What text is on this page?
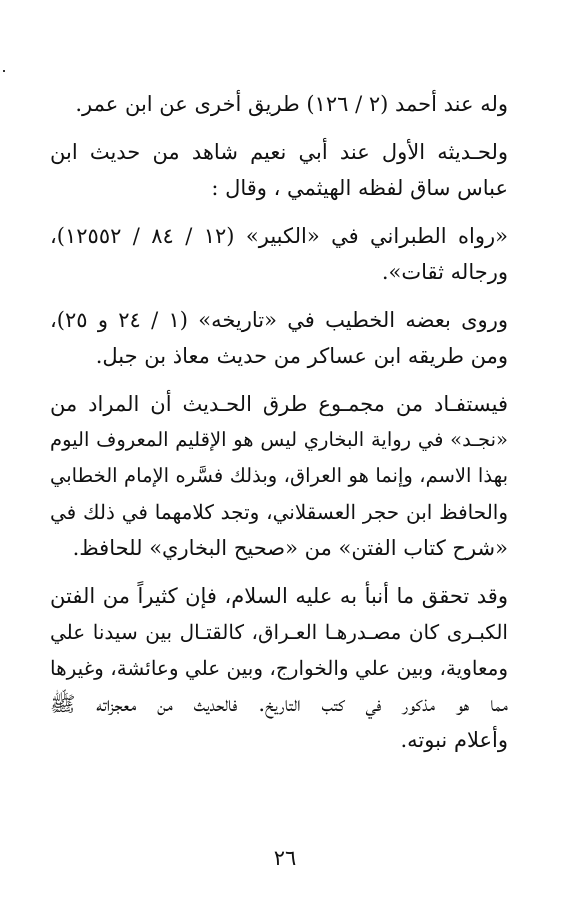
وله عند أحمد (٢ / ١٢٦) طريق أخرى عن ابن عمر.
ولحـديثه الأول عند أبي نعيم شاهد من حديث ابن
عباس ساق لفظه الهيثمي ، وقال :
«رواه الطبراني في «الكبير» (١٢ / ٨٤ / ١٢٥٥٢)،
ورجاله ثقات».
وروى بعضه الخطيب في «تاريخه» (١ / ٢٤ و ٢٥)،
ومن طريقه ابن عساكر من حديث معاذ بن جبل.
فيستفـاد من مجمـوع طرق الحـديث أن المراد من
«نجـد» في رواية البخاري ليس هو الإقليم المعروف اليوم
بهذا الاسم، وإنما هو العراق، وبذلك فسَّره الإمام الخطابي
والحافظ ابن حجر العسقلاني، وتجد كلامهما في ذلك في
«شرح كتاب الفتن» من «صحيح البخاري» للحافظ.
وقد تحقق ما أنبأ به عليه السلام، فإن كثيراً من الفتن
الكبـرى كان مصـدرهـا العـراق، كالقتـال بين سيدنا علي
ومعاوية، وبين علي والخوارج، وبين علي وعائشة، وغيرها
مما هو مذكور في كتب التاريخ. فالحديث من معجزاته ﷺ
وأعلام نبوته.
٢٦
